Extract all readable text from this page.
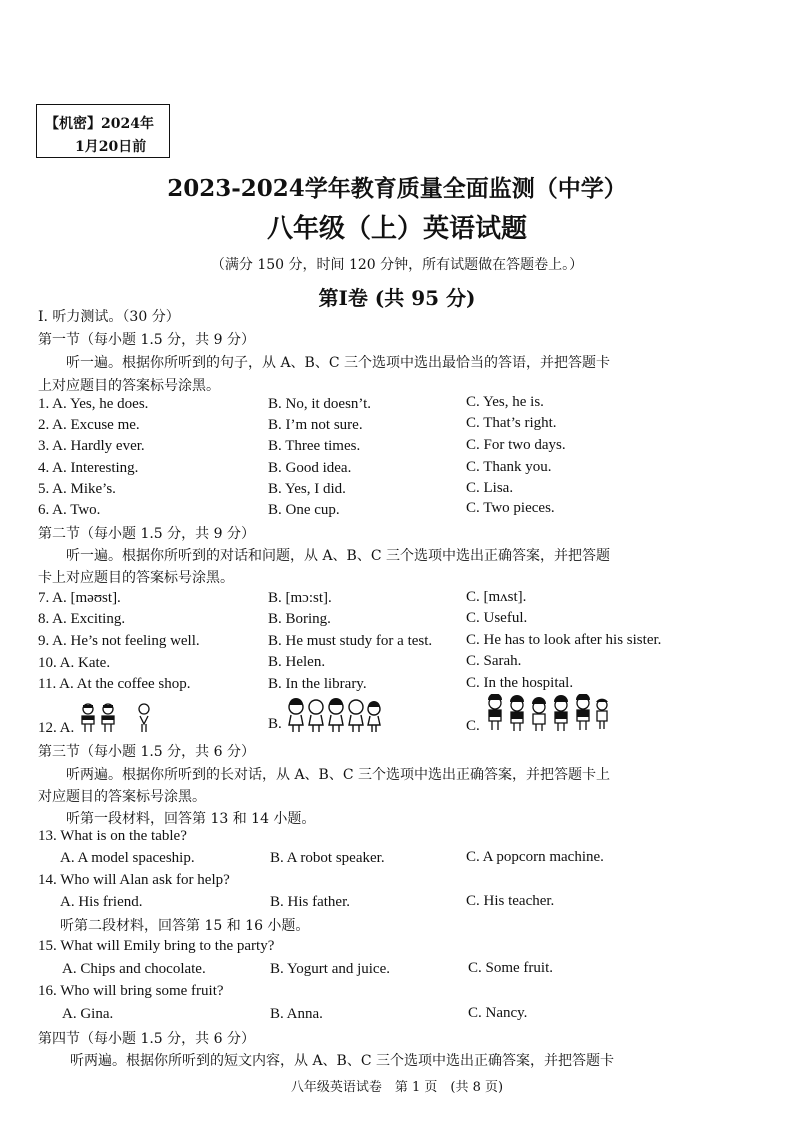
【机密】2024年
1月20日前
2023-2024学年教育质量全面监测（中学）
八年级（上）英语试题
（满分 150 分，时间 120 分钟，所有试题做在答题卷上。）
第Ⅰ卷 (共 95 分)
Ⅰ. 听力测试。（30 分）
第一节（每小题 1.5 分，共 9 分）
听一遍。根据你所听到的句子，从 A、B、C 三个选项中选出最恰当的答语，并把答题卡
上对应题目的答案标号涂黑。
1. A. Yes, he does.	B. No, it doesn’t.	C. Yes, he is.
2. A. Excuse me.	B. I’m not sure.	C. That’s right.
3. A. Hardly ever.	B. Three times.	C. For two days.
4. A. Interesting.	B. Good idea.	C. Thank you.
5. A. Mike’s.	B. Yes, I did.	C. Lisa.
6. A. Two.	B. One cup.	C. Two pieces.
第二节（每小题 1.5 分，共 9 分）
听一遍。根据你所听到的对话和问题，从 A、B、C 三个选项中选出正确答案，并把答题
卡上对应题目的答案标号涂黑。
7. A. [məʊst].	B. [mɔ:st].	C. [mʌst].
8. A. Exciting.	B. Boring.	C. Useful.
9. A. He’s not feeling well.	B. He must study for a test. C. He has to look after his sister.
10. A. Kate.	B. Helen.	C. Sarah.
11. A. At the coffee shop.	B. In the library.	C. In the hospital.
12. A.	B.	C.
第三节（每小题 1.5 分，共 6 分）
听两遍。根据你所听到的长对话，从 A、B、C 三个选项中选出正确答案，并把答题卡上
对应题目的答案标号涂黑。
听第一段材料，回答第 13 和 14 小题。
13. What is on the table?
A. A model spaceship.	B. A robot speaker.	C. A popcorn machine.
14. Who will Alan ask for help?
A. His friend.	B. His father.	C. His teacher.
听第二段材料，回答第 15 和 16 小题。
15. What will Emily bring to the party?
A. Chips and chocolate.	B. Yogurt and juice.	C. Some fruit.
16. Who will bring some fruit?
A. Gina.	B. Anna.	C. Nancy.
第四节（每小题 1.5 分，共 6 分）
听两遍。根据你所听到的短文内容，从 A、B、C 三个选项中选出正确答案，并把答题卡
八年级英语试卷　第 1 页　(共 8 页)
